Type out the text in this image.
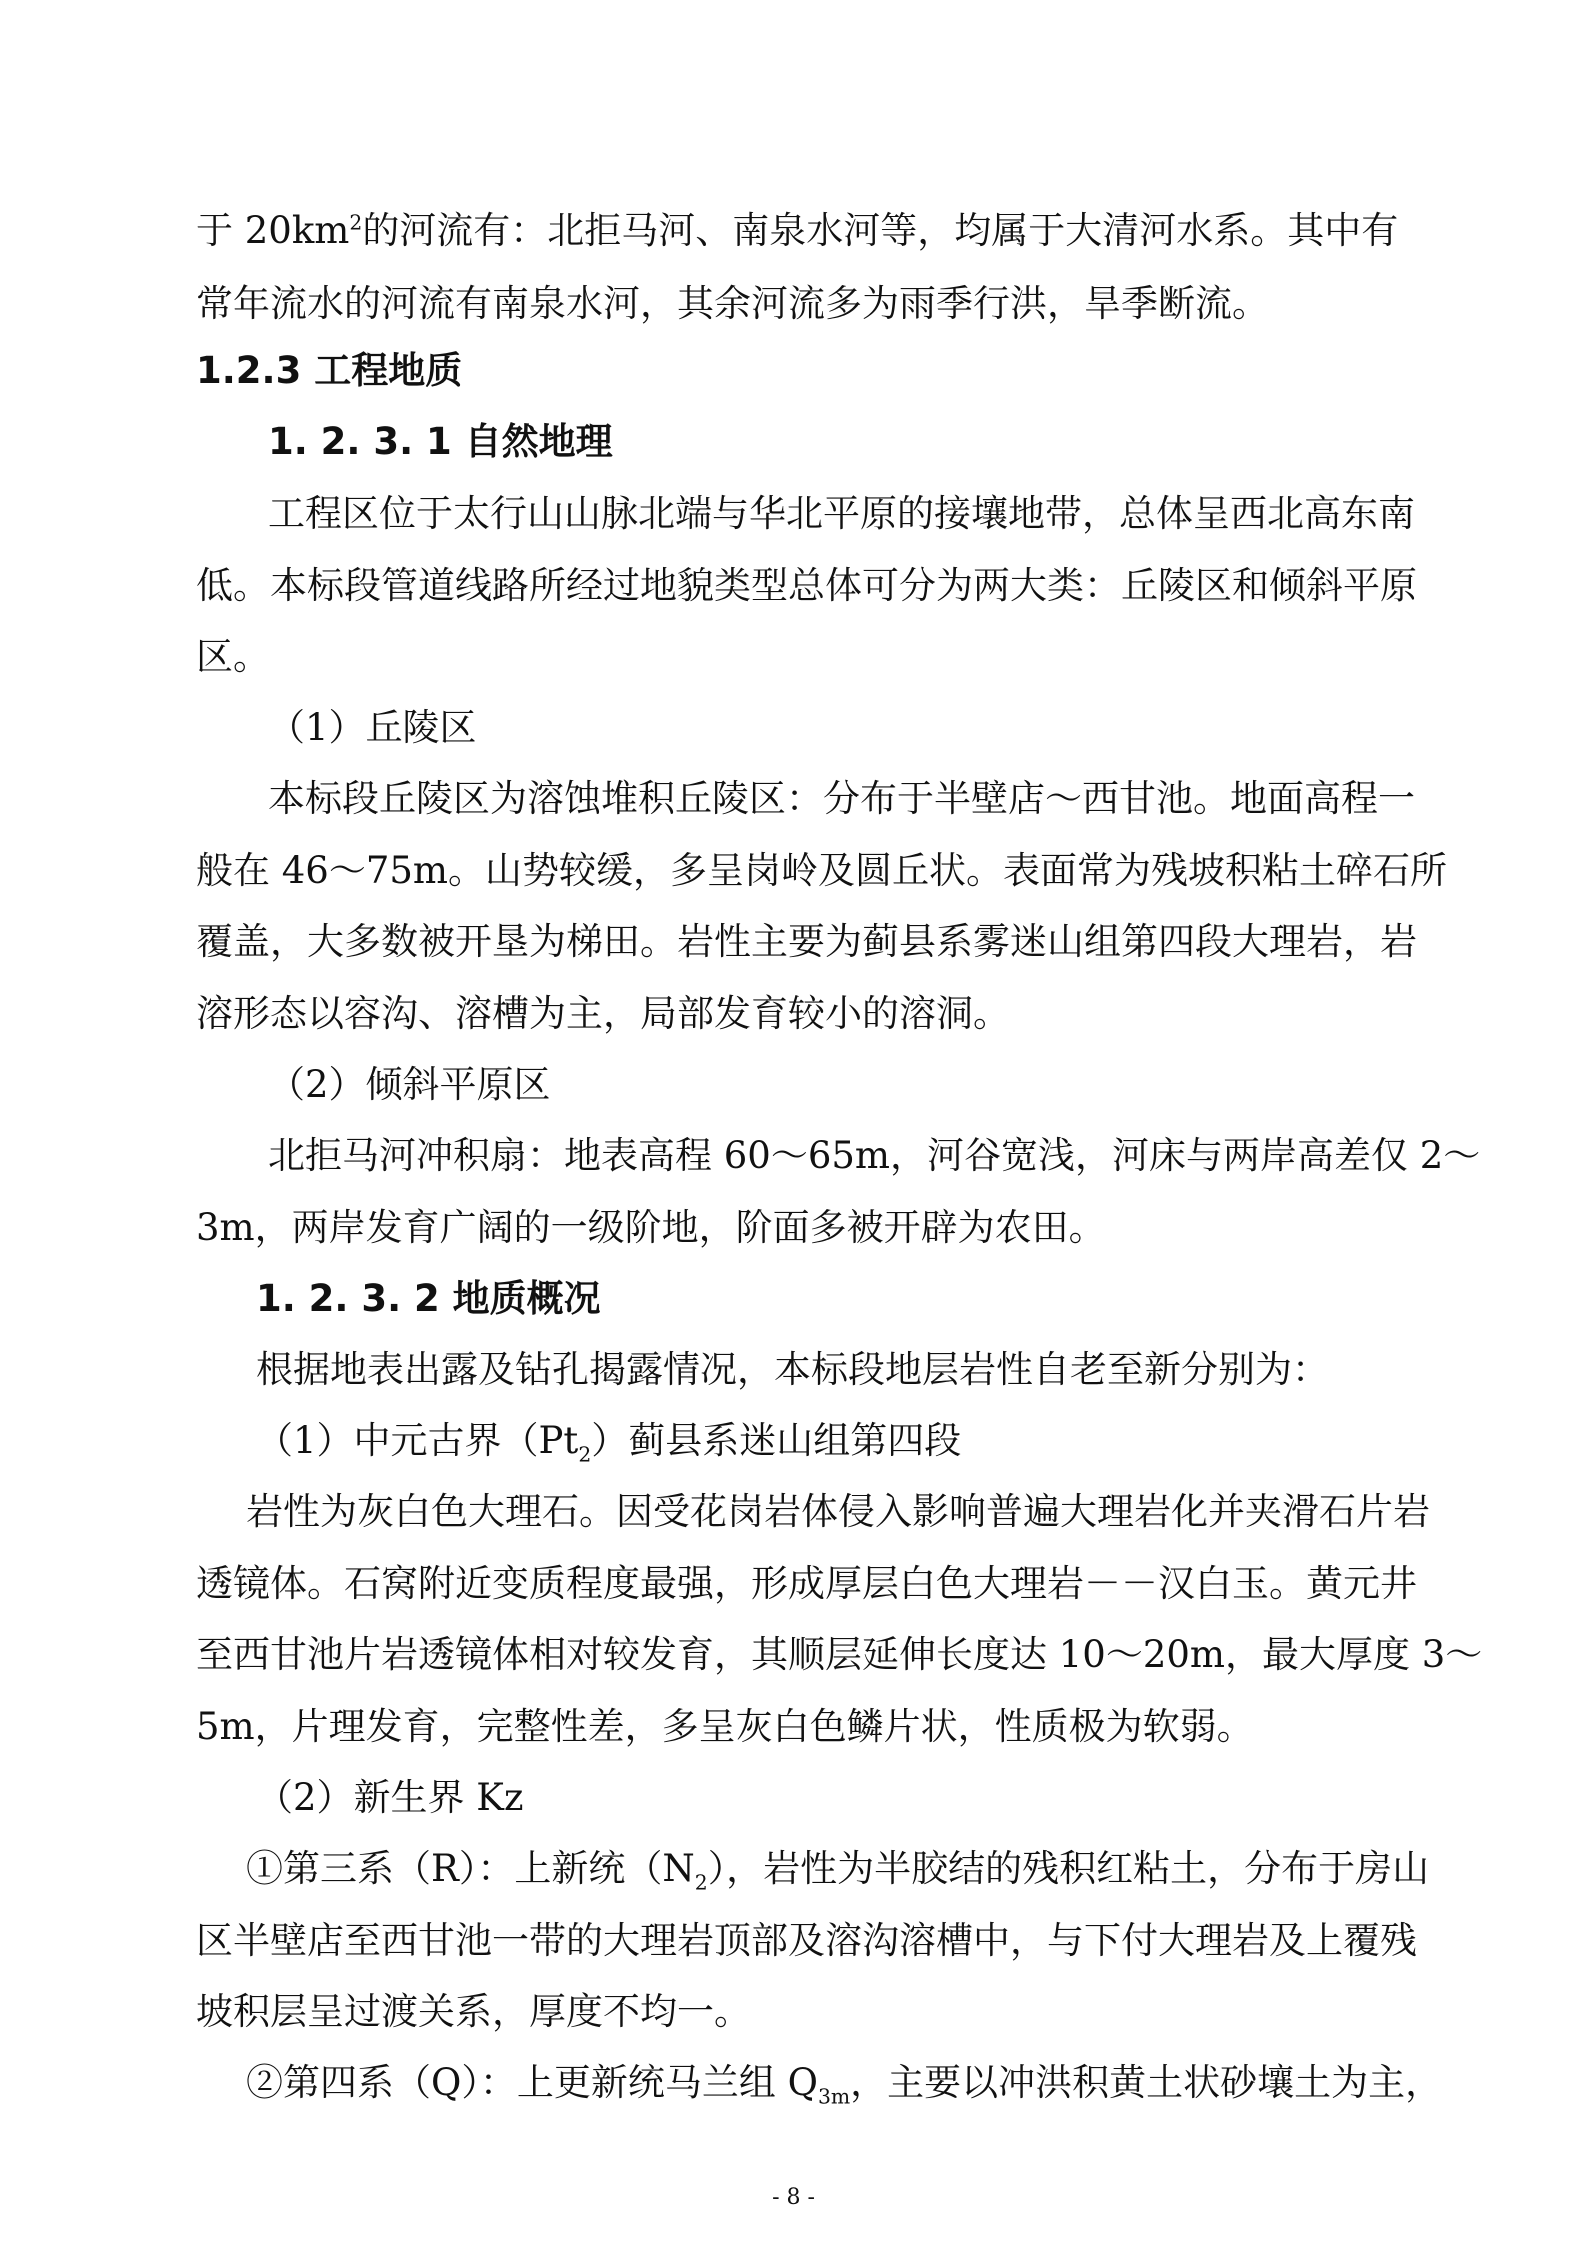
于 $20km^2$的河流有：北拒马河、南泉水河等，均属于大清河水系。其中有
常年流水的河流有南泉水河，其余河流多为雨季行洪，旱季断流。
1.2.3 工程地质
1. 2. 3. 1 自然地理
工程区位于太行山山脉北端与华北平原的接壤地带，总体呈西北高东南
低。本标段管道线路所经过地貌类型总体可分为两大类：丘陵区和倾斜平原
区。
（1）丘陵区
本标段丘陵区为溶蚀堆积丘陵区：分布于半壁店～西甘池。地面高程一
般在 46～75m。山势较缓，多呈岗岭及圆丘状。表面常为残坡积粘土碎石所
覆盖，大多数被开垦为梯田。岩性主要为蓟县系雾迷山组第四段大理岩，岩
溶形态以容沟、溶槽为主，局部发育较小的溶洞。
（2）倾斜平原区
北拒马河冲积扇：地表高程 60～65m，河谷宽浅，河床与两岸高差仅 2～
3m，两岸发育广阔的一级阶地，阶面多被开辟为农田。
1. 2. 3. 2 地质概况
根据地表出露及钻孔揭露情况，本标段地层岩性自老至新分别为：
（1）中元古界$(Pt_2)$蓟县系迷山组第四段
岩性为灰白色大理石。因受花岗岩体侵入影响普遍大理岩化并夹滑石片岩
透镜体。石窝附近变质程度最强，形成厚层白色大理岩－－汉白玉。黄元井
至西甘池片岩透镜体相对较发育，其顺层延伸长度达 10～20m，最大厚度 3～
5m，片理发育，完整性差，多呈灰白色鳞片状，性质极为软弱。
（2）新生界 Kz
①第三系（R）：上新统$(N_2)$，岩性为半胶结的残积红粘土，分布于房山
区半壁店至西甘池一带的大理岩顶部及溶沟溶槽中，与下付大理岩及上覆残
坡积层呈过渡关系，厚度不均一。
②第四系（Q）：上更新统马兰组 $Q_{3m}$，主要以冲洪积黄土状砂壤土为主，
- 8 -
